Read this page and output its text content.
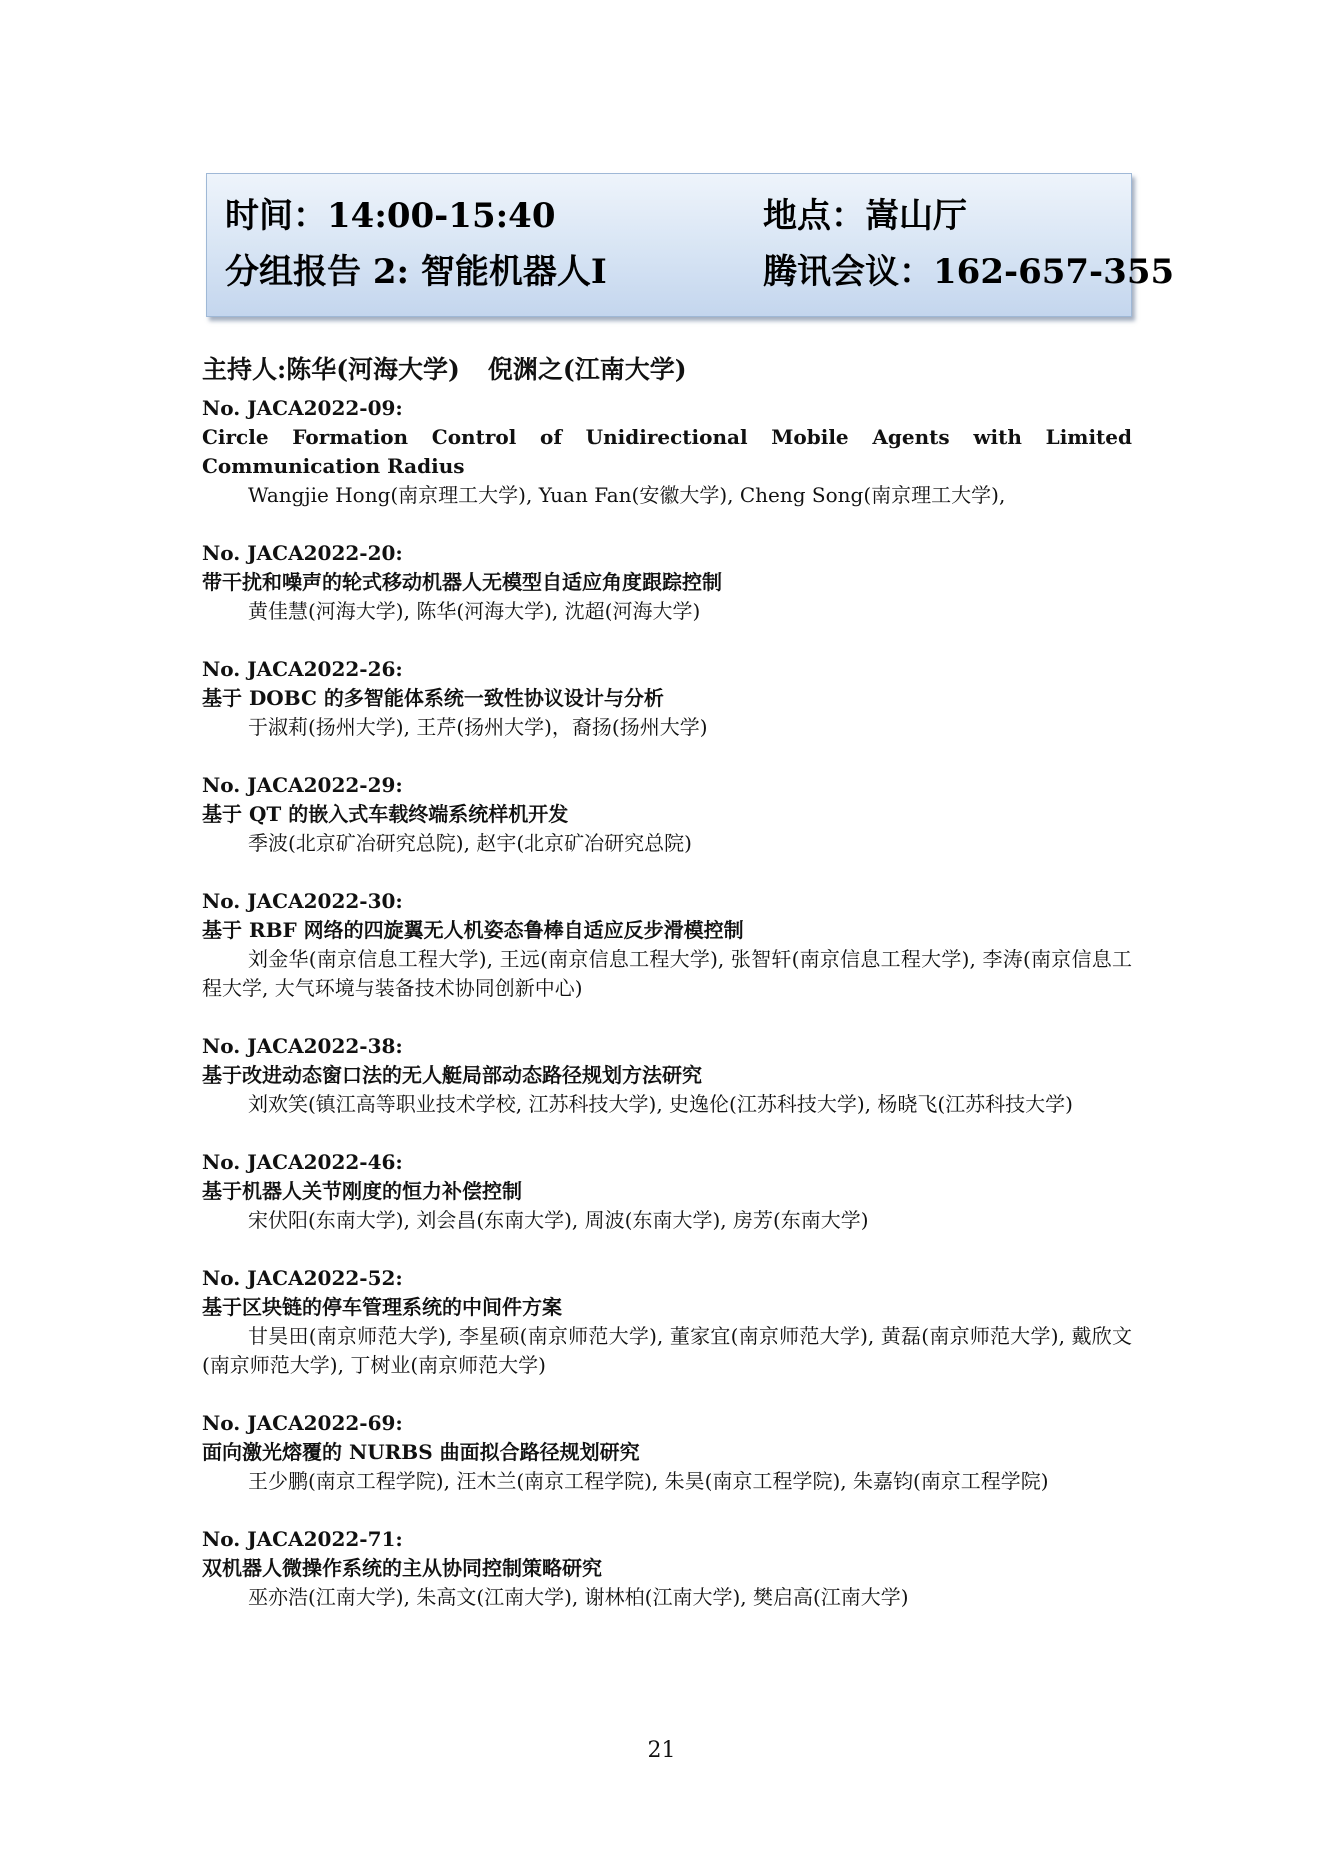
时间：14:00-15:40	地点：嵩山厅
分组报告 2: 智能机器人Ⅰ	腾讯会议：162-657-355
主持人:陈华(河海大学) 倪渊之(江南大学)
No. JACA2022-09:
Circle Formation Control of Unidirectional Mobile Agents with Limited Communication Radius
Wangjie Hong(南京理工大学), Yuan Fan(安徽大学), Cheng Song(南京理工大学),
No. JACA2022-20:
带干扰和噪声的轮式移动机器人无模型自适应角度跟踪控制
黄佳慧(河海大学), 陈华(河海大学), 沈超(河海大学)
No. JACA2022-26:
基于 DOBC 的多智能体系统一致性协议设计与分析
于淑莉(扬州大学), 王芹(扬州大学)，裔扬(扬州大学)
No. JACA2022-29:
基于 QT 的嵌入式车载终端系统样机开发
季波(北京矿冶研究总院), 赵宇(北京矿冶研究总院)
No. JACA2022-30:
基于 RBF 网络的四旋翼无人机姿态鲁棒自适应反步滑模控制
刘金华(南京信息工程大学), 王远(南京信息工程大学), 张智轩(南京信息工程大学), 李涛(南京信息工程大学, 大气环境与装备技术协同创新中心)
No. JACA2022-38:
基于改进动态窗口法的无人艇局部动态路径规划方法研究
刘欢笑(镇江高等职业技术学校, 江苏科技大学), 史逸伦(江苏科技大学), 杨晓飞(江苏科技大学)
No. JACA2022-46:
基于机器人关节刚度的恒力补偿控制
宋伏阳(东南大学), 刘会昌(东南大学), 周波(东南大学), 房芳(东南大学)
No. JACA2022-52:
基于区块链的停车管理系统的中间件方案
甘昊田(南京师范大学), 李星硕(南京师范大学), 董家宜(南京师范大学), 黄磊(南京师范大学), 戴欣文(南京师范大学), 丁树业(南京师范大学)
No. JACA2022-69:
面向激光熔覆的 NURBS 曲面拟合路径规划研究
王少鹏(南京工程学院), 汪木兰(南京工程学院), 朱昊(南京工程学院), 朱嘉钧(南京工程学院)
No. JACA2022-71:
双机器人微操作系统的主从协同控制策略研究
巫亦浩(江南大学), 朱高文(江南大学), 谢林柏(江南大学), 樊启高(江南大学)
21
